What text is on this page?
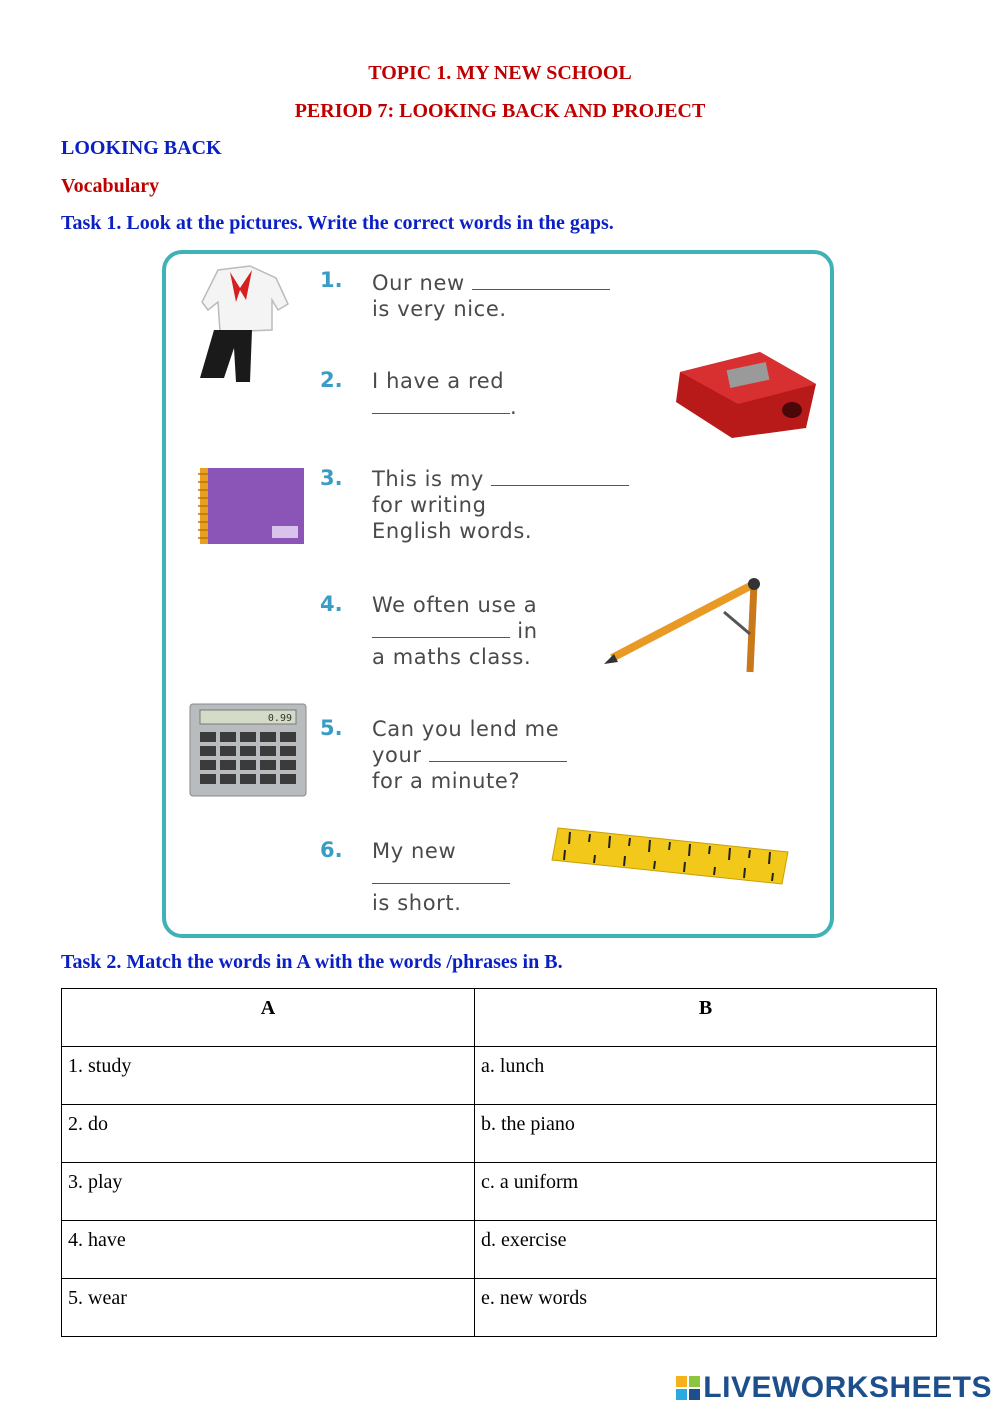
TOPIC 1. MY NEW SCHOOL
PERIOD 7: LOOKING BACK AND PROJECT
LOOKING BACK
Vocabulary
Task 1. Look at the pictures. Write the correct words in the gaps.
0.99
1. Our new
is very nice.
2. I have a red
.
3. This is my
for writing
English words.
4. We often use a
in
a maths class.
5. Can you lend me
your
for a minute?
6. My new

is short.
Task 2. Match the words in A with the words /phrases in B.
A	B
1. study	a. lunch
2. do	b. the piano
3. play	c. a uniform
4. have	d. exercise
5. wear	e. new words
LIVEWORKSHEETS
